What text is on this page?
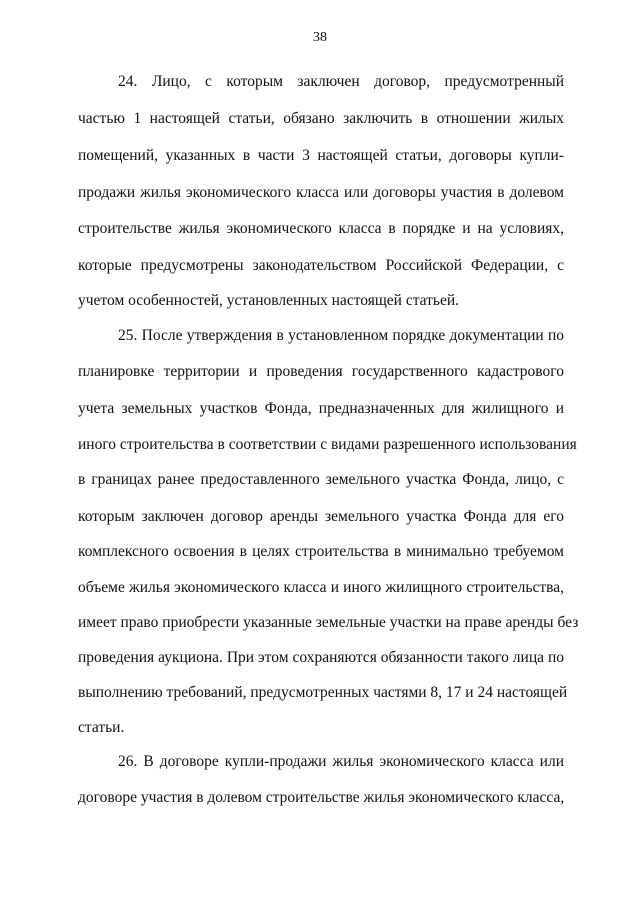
38
24. Лицо, с которым заключен договор, предусмотренный
частью 1 настоящей статьи, обязано заключить в отношении жилых
помещений, указанных в части 3 настоящей статьи, договоры купли-
продажи жилья экономического класса или договоры участия в долевом
строительстве жилья экономического класса в порядке и на условиях,
которые предусмотрены законодательством Российской Федерации, с
учетом особенностей, установленных настоящей статьей.
25. После утверждения в установленном порядке документации по
планировке территории и проведения государственного кадастрового
учета земельных участков Фонда, предназначенных для жилищного и
иного строительства в соответствии с видами разрешенного использования
в границах ранее предоставленного земельного участка Фонда, лицо, с
которым заключен договор аренды земельного участка Фонда для его
комплексного освоения в целях строительства в минимально требуемом
объеме жилья экономического класса и иного жилищного строительства,
имеет право приобрести указанные земельные участки на праве аренды без
проведения аукциона. При этом сохраняются обязанности такого лица по
выполнению требований, предусмотренных частями 8, 17 и 24 настоящей
статьи.
26. В договоре купли-продажи жилья экономического класса или
договоре участия в долевом строительстве жилья экономического класса,
